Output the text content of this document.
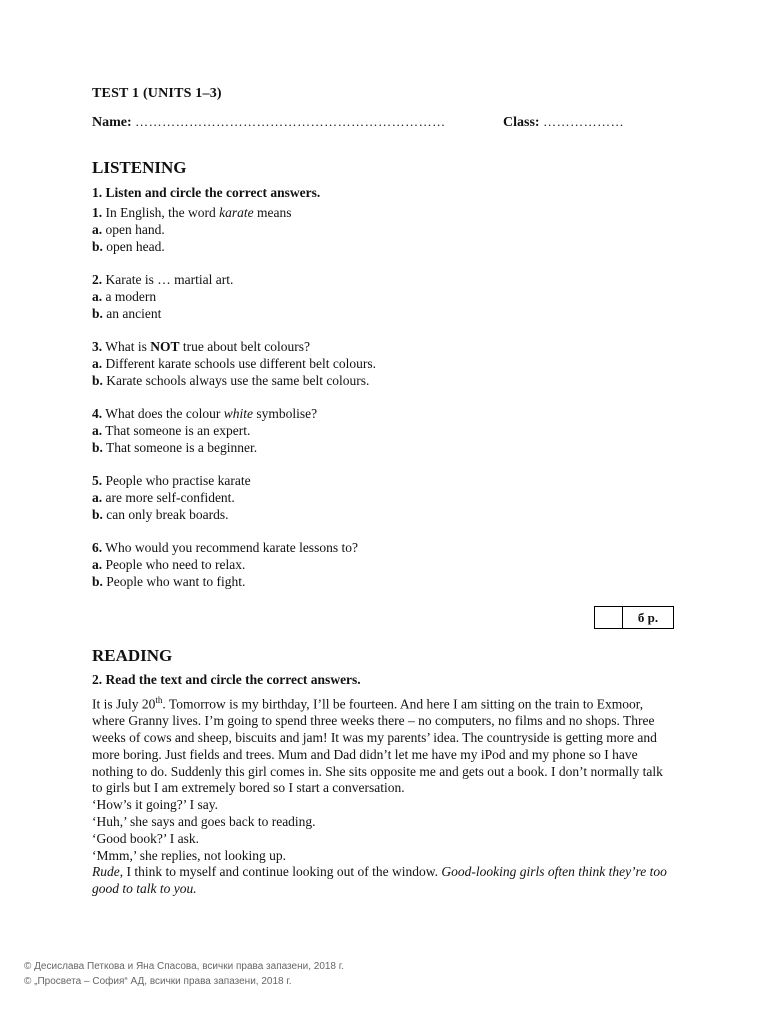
TEST 1 (UNITS 1–3)
Name: ……………………………………………………………	Class: ………………
LISTENING
1. Listen and circle the correct answers.
1. In English, the word karate means
a. open hand.
b. open head.
2. Karate is … martial art.
a. a modern
b. an ancient
3. What is NOT true about belt colours?
a. Different karate schools use different belt colours.
b. Karate schools always use the same belt colours.
4. What does the colour white symbolise?
a. That someone is an expert.
b. That someone is a beginner.
5. People who practise karate
a. are more self-confident.
b. can only break boards.
6. Who would you recommend karate lessons to?
a. People who need to relax.
b. People who want to fight.
б р.
READING
2. Read the text and circle the correct answers.

It is July 20th. Tomorrow is my birthday, I’ll be fourteen. And here I am sitting on the train to Exmoor, where Granny lives. I’m going to spend three weeks there – no computers, no films and no shops. Three weeks of cows and sheep, biscuits and jam! It was my parents’ idea. The countryside is getting more and more boring. Just fields and trees. Mum and Dad didn’t let me have my iPod and my phone so I have nothing to do. Suddenly this girl comes in. She sits opposite me and gets out a book. I don’t normally talk to girls but I am extremely bored so I start a conversation.

‘How’s it going?’ I say.

‘Huh,’ she says and goes back to reading.

‘Good book?’ I ask.

‘Mmm,’ she replies, not looking up.

Rude, I think to myself and continue looking out of the window. Good-looking girls often think they’re too good to talk to you.

© Десислава Петкова и Яна Спасова, всички права запазени, 2018 г.
© „Просвета – София“ АД, всички права запазени, 2018 г.
